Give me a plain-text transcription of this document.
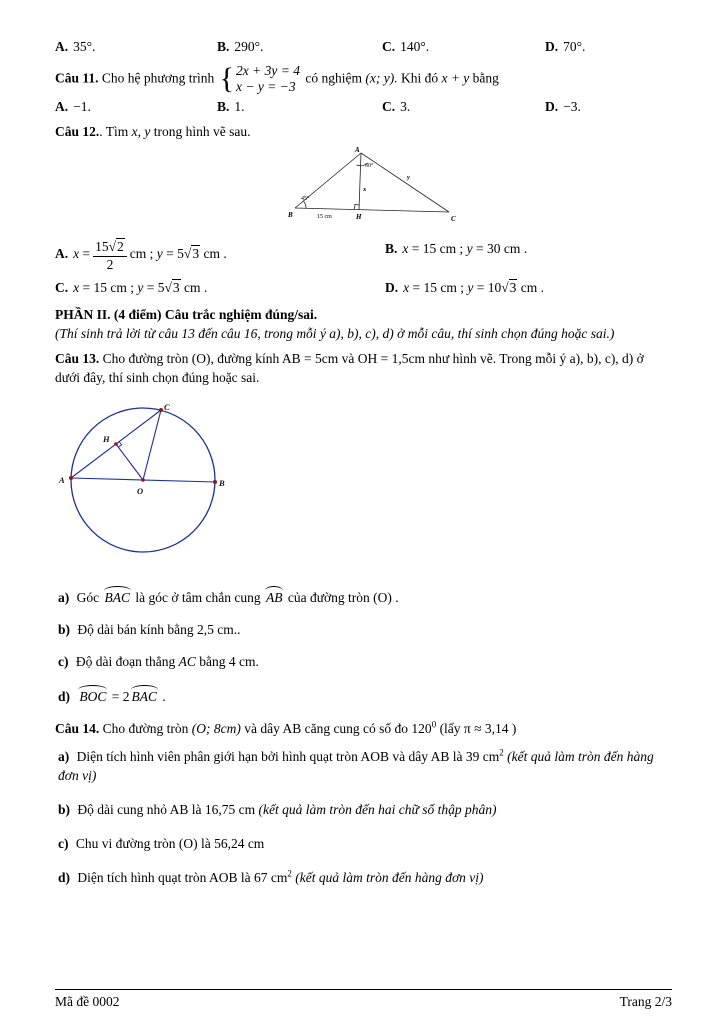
A. 35°.	B. 290°.	C. 140°.	D. 70°.
Câu 11. Cho hệ phương trình { 2x + 3y = 4
x − y = −3
có nghiệm (x; y). Khi đó x + y bằng
A. −1.	B. 1.	C. 3.	D. −3.
Câu 12.. Tìm x, y trong hình vẽ sau.
A
60°
B
45°
H	C
15 cm
x
y
A. $x = \frac{15√2}{2}$ cm ; y = 5√3 cm .	B. x = 15 cm ; y = 30 cm .
C. x = 15 cm ; y = 5√3 cm .	D. x = 15 cm ; y = 10√3 cm .
PHẦN II. (4 điểm) Câu trắc nghiệm đúng/sai.
(Thí sinh trả lời từ câu 13 đến câu 16, trong mỗi ý a), b), c), d) ở mỗi câu, thí sinh chọn đúng hoặc sai.)
Câu 13. Cho đường tròn (O), đường kính AB = 5cm và OH = 1,5cm như hình vẽ. Trong mỗi ý a), b), c), d) ở dưới đây, thí sinh chọn đúng hoặc sai.
A	B
C
O
H
a) Góc BAC là góc ở tâm chắn cung AB của đường tròn (O) .
b) Độ dài bán kính bằng 2,5 cm..
c) Độ dài đoạn thẳng AC bằng 4 cm.
d) BOC = 2 BAC .
Câu 14. Cho đường tròn (O; 8cm) và dây AB căng cung có số đo $120^0$ (lấy π ≈ 3,14 )
a) Diện tích hình viên phân giới hạn bởi hình quạt tròn AOB và dây AB là 39 $cm^2$ (kết quả làm tròn đến hàng đơn vị)
b) Độ dài cung nhỏ AB là 16,75 cm (kết quả làm tròn đến hai chữ số thập phân)
c) Chu vi đường tròn (O) là 56,24 cm
d) Diện tích hình quạt tròn AOB là 67 $cm^2$ (kết quả làm tròn đến hàng đơn vị)
Mã đề 0002	Trang 2/3
